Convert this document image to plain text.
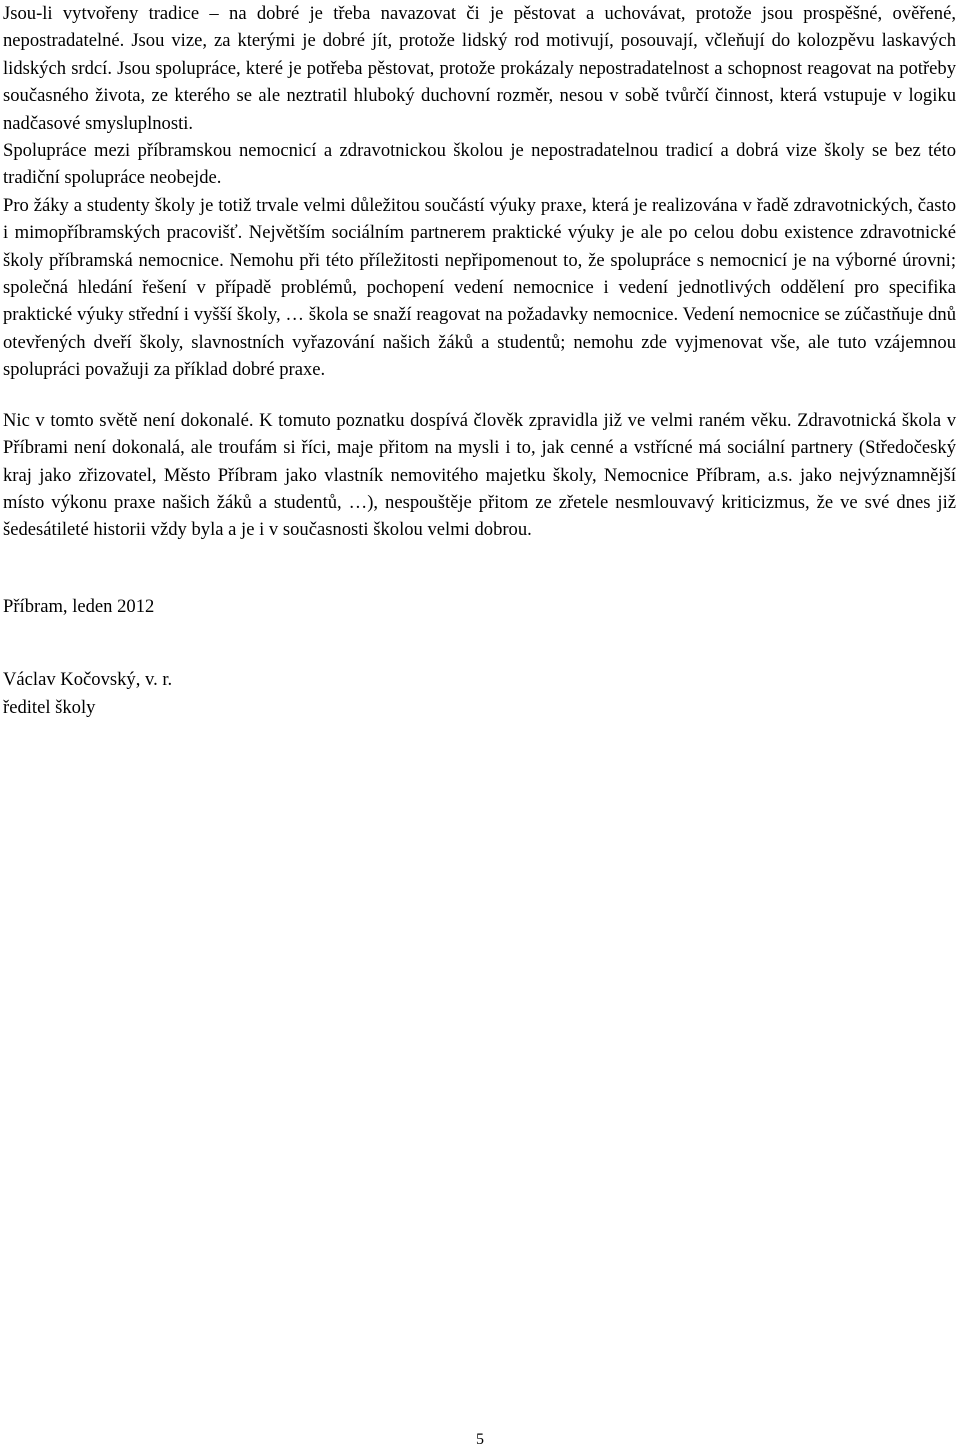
Jsou-li vytvořeny tradice – na dobré je třeba navazovat či je pěstovat a uchovávat, protože jsou prospěšné, ověřené, nepostradatelné. Jsou vize, za kterými je dobré jít, protože lidský rod motivují, posouvají, včleňují do kolozpěvu laskavých lidských srdcí. Jsou spolupráce, které je potřeba pěstovat, protože prokázaly nepostradatelnost a schopnost reagovat na potřeby současného života, ze kterého se ale neztratil hluboký duchovní rozměr, nesou v sobě tvůrčí činnost, která vstupuje v logiku nadčasové smysluplnosti.

Spolupráce mezi příbramskou nemocnicí a zdravotnickou školou je nepostradatelnou tradicí a dobrá vize školy se bez této tradiční spolupráce neobejde.

Pro žáky a studenty školy je totiž trvale velmi důležitou součástí výuky praxe, která je realizována v řadě zdravotnických, často i mimopříbramských pracovišť. Největším sociálním partnerem praktické výuky je ale po celou dobu existence zdravotnické školy příbramská nemocnice. Nemohu při této příležitosti nepřipomenout to, že spolupráce s nemocnicí je na výborné úrovni; společná hledání řešení v případě problémů, pochopení vedení nemocnice i vedení jednotlivých oddělení pro specifika praktické výuky střední i vyšší školy, … škola se snaží reagovat na požadavky nemocnice. Vedení nemocnice se zúčastňuje dnů otevřených dveří školy, slavnostních vyřazování našich žáků a studentů; nemohu zde vyjmenovat vše, ale tuto vzájemnou spolupráci považuji za příklad dobré praxe.

Nic v tomto světě není dokonalé. K tomuto poznatku dospívá člověk zpravidla již ve velmi raném věku. Zdravotnická škola v Příbrami není dokonalá, ale troufám si říci, maje přitom na mysli i to, jak cenné a vstřícné má sociální partnery (Středočeský kraj jako zřizovatel, Město Příbram jako vlastník nemovitého majetku školy, Nemocnice Příbram, a.s. jako nejvýznamnější místo výkonu praxe našich žáků a studentů, …), nespouštěje přitom ze zřetele nesmlouvavý kriticizmus, že ve své dnes již šedesátileté historii vždy byla a je i v současnosti školou velmi dobrou.

Příbram, leden 2012

Václav Kočovský, v. r.

ředitel školy

5
